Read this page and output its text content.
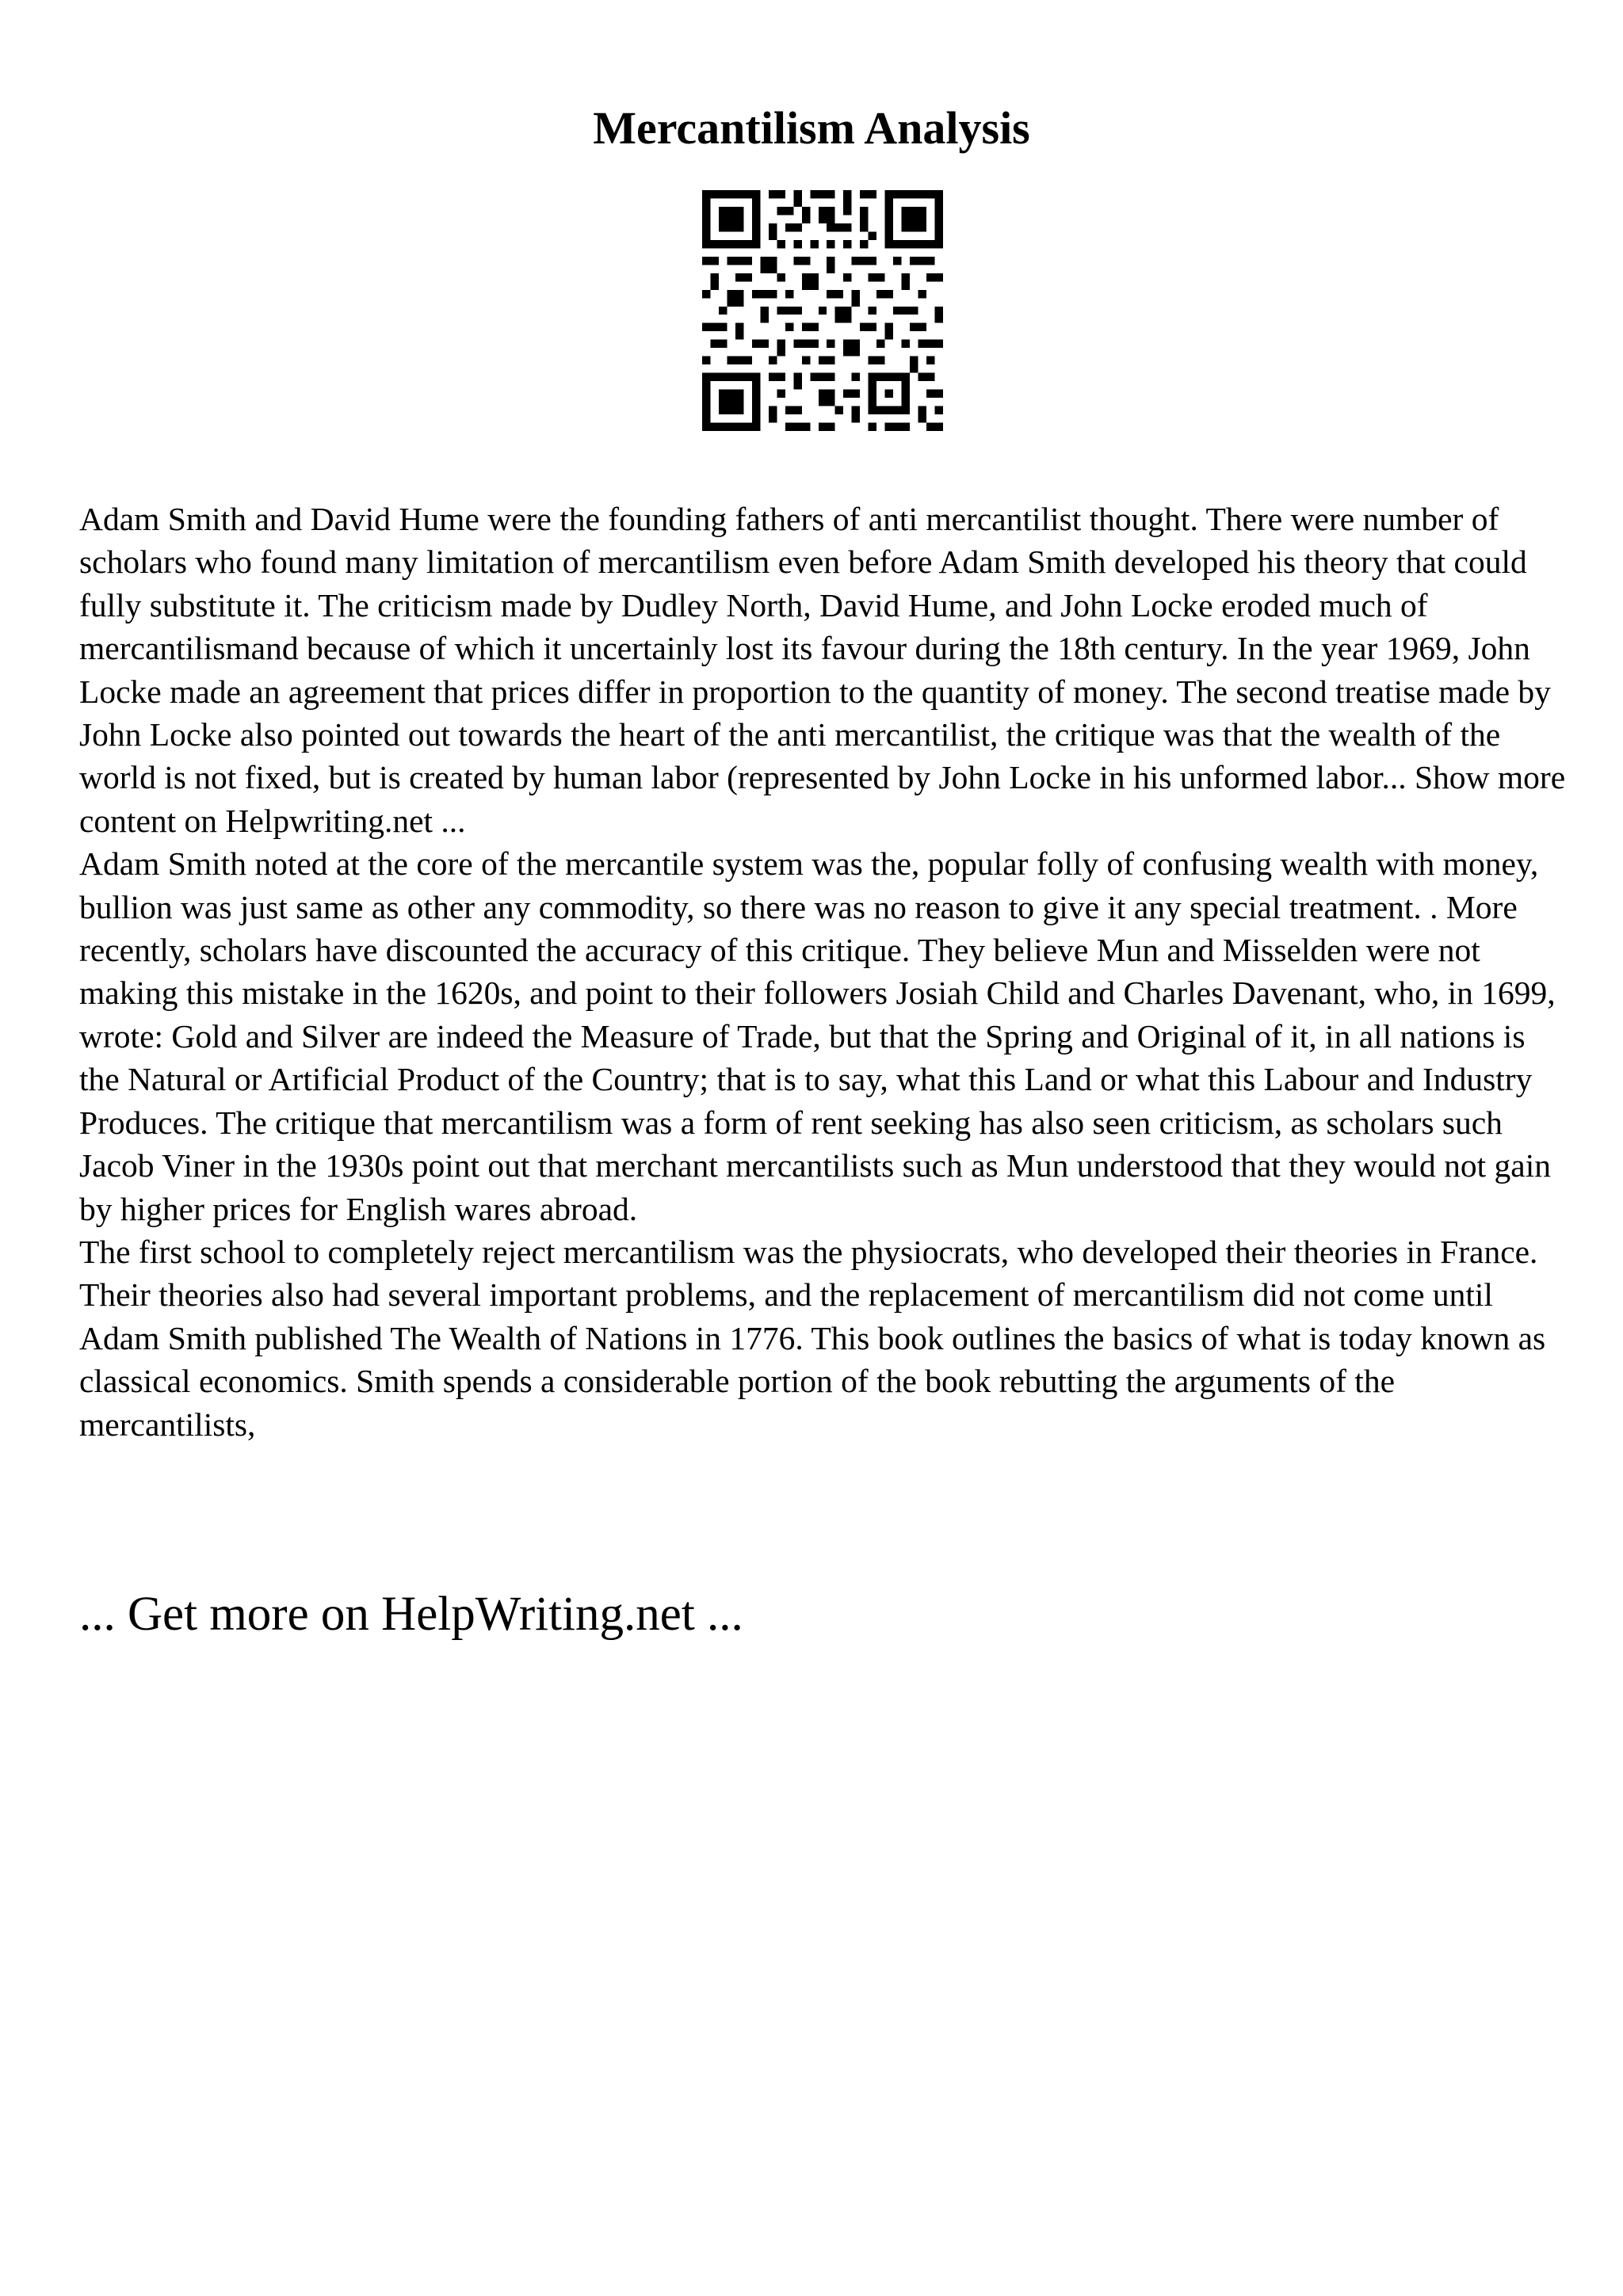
Mercantilism Analysis

Adam Smith and David Hume were the founding fathers of anti mercantilist thought. There were number of scholars who found many limitation of mercantilism even before Adam Smith developed his theory that could fully substitute it. The criticism made by Dudley North, David Hume, and John Locke eroded much of mercantilismand because of which it uncertainly lost its favour during the 18th century. In the year 1969, John Locke made an agreement that prices differ in proportion to the quantity of money. The second treatise made by John Locke also pointed out towards the heart of the anti mercantilist, the critique was that the wealth of the world is not fixed, but is created by human labor (represented by John Locke in his unformed labor... Show more content on Helpwriting.net ...

Adam Smith noted at the core of the mercantile system was the, popular folly of confusing wealth with money, bullion was just same as other any commodity, so there was no reason to give it any special treatment. . More recently, scholars have discounted the accuracy of this critique. They believe Mun and Misselden were not making this mistake in the 1620s, and point to their followers Josiah Child and Charles Davenant, who, in 1699, wrote: Gold and Silver are indeed the Measure of Trade, but that the Spring and Original of it, in all nations is the Natural or Artificial Product of the Country; that is to say, what this Land or what this Labour and Industry Produces. The critique that mercantilism was a form of rent seeking has also seen criticism, as scholars such Jacob Viner in the 1930s point out that merchant mercantilists such as Mun understood that they would not gain by higher prices for English wares abroad.

The first school to completely reject mercantilism was the physiocrats, who developed their theories in France. Their theories also had several important problems, and the replacement of mercantilism did not come until Adam Smith published The Wealth of Nations in 1776. This book outlines the basics of what is today known as classical economics. Smith spends a considerable portion of the book rebutting the arguments of the mercantilists,

... Get more on HelpWriting.net ...
